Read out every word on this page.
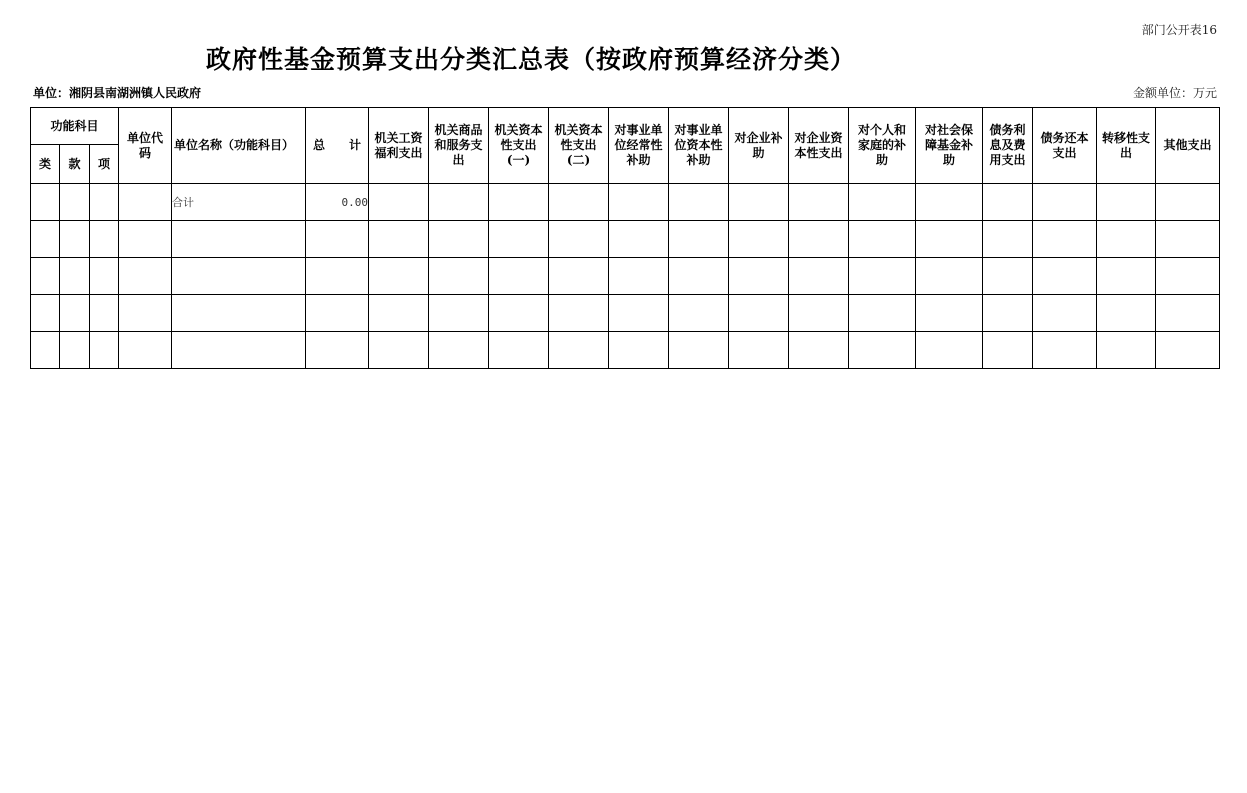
部门公开表16
政府性基金预算支出分类汇总表（按政府预算经济分类）
单位：湘阴县南湖洲镇人民政府	金额单位：万元
功能科目			单位代码	单位名称（功能科目）	总　　计	机关工资福利支出	机关商品和服务支出	机关资本性支出(一)	机关资本性支出(二)	对事业单位经常性补助	对事业单位资本性补助	对企业补助	对企业资本性支出	对个人和家庭的补助	对社会保障基金补助	债务利息及费用支出	债务还本支出	转移性支出	其他支出
类	款	项																	
				合计	0.00														
